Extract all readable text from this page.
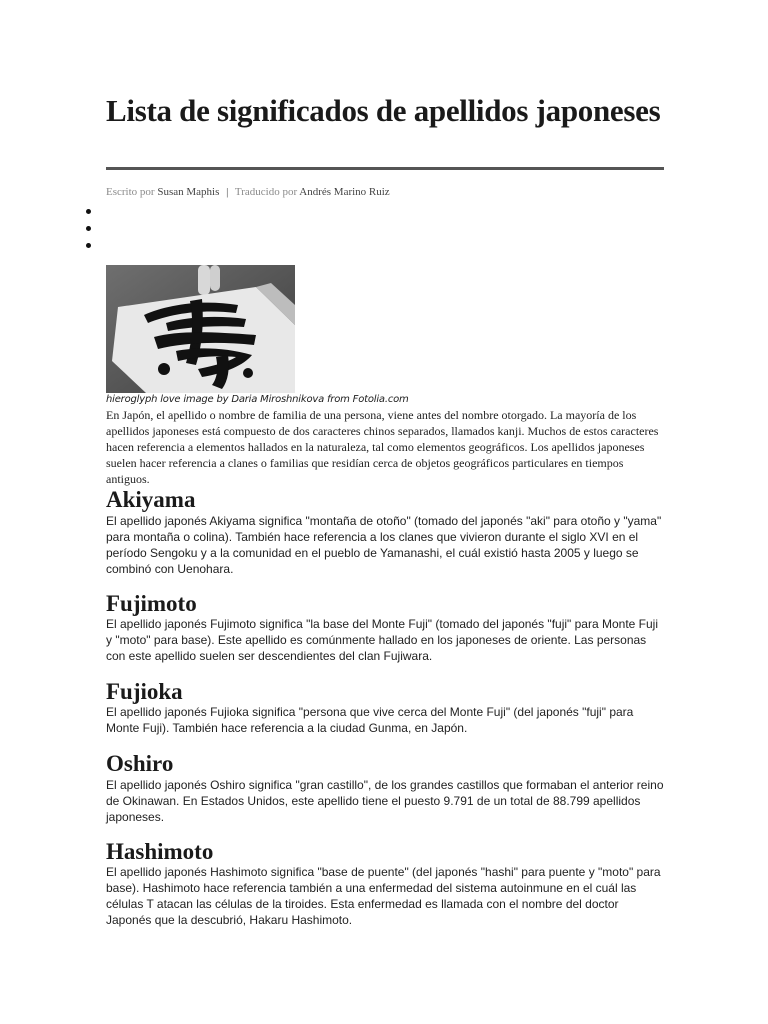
Lista de significados de apellidos japoneses
Escrito por Susan Maphis | Traducido por Andrés Marino Ruiz
hieroglyph love image by Daria Miroshnikova from Fotolia.com

En Japón, el apellido o nombre de familia de una persona, viene antes del nombre otorgado. La mayoría de los apellidos japoneses está compuesto de dos caracteres chinos separados, llamados kanji. Muchos de estos caracteres hacen referencia a elementos hallados en la naturaleza, tal como elementos geográficos. Los apellidos japoneses suelen hacer referencia a clanes o familias que residían cerca de objetos geográficos particulares en tiempos antiguos.

Akiyama

El apellido japonés Akiyama significa "montaña de otoño" (tomado del japonés "aki" para otoño y "yama" para montaña o colina). También hace referencia a los clanes que vivieron durante el siglo XVI en el período Sengoku y a la comunidad en el pueblo de Yamanashi, el cuál existió hasta 2005 y luego se combinó con Uenohara.

Fujimoto

El apellido japonés Fujimoto significa "la base del Monte Fuji" (tomado del japonés "fuji" para Monte Fuji y "moto" para base). Este apellido es comúnmente hallado en los japoneses de oriente. Las personas con este apellido suelen ser descendientes del clan Fujiwara.

Fujioka

El apellido japonés Fujioka significa "persona que vive cerca del Monte Fuji" (del japonés "fuji" para Monte Fuji). También hace referencia a la ciudad Gunma, en Japón.

Oshiro

El apellido japonés Oshiro significa "gran castillo", de los grandes castillos que formaban el anterior reino de Okinawan. En Estados Unidos, este apellido tiene el puesto 9.791 de un total de 88.799 apellidos japoneses.

Hashimoto

El apellido japonés Hashimoto significa "base de puente" (del japonés "hashi" para puente y "moto" para base). Hashimoto hace referencia también a una enfermedad del sistema autoinmune en el cuál las células T atacan las células de la tiroides. Esta enfermedad es llamada con el nombre del doctor Japonés que la descubrió, Hakaru Hashimoto.
